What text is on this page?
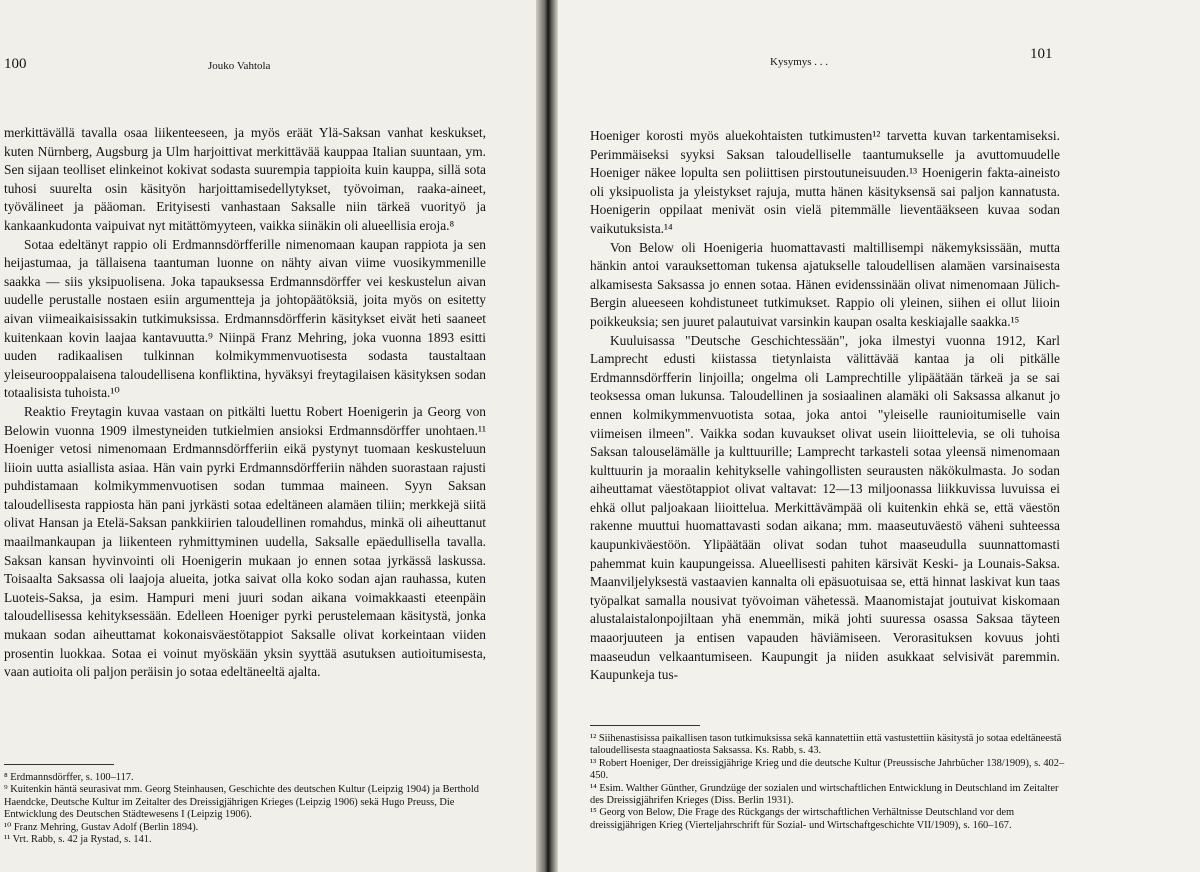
100	Jouko Vahtola

merkittävällä tavalla osaa liikenteeseen, ja myös eräät Ylä-Saksan vanhat keskukset, kuten Nürnberg, Augsburg ja Ulm harjoittivat merkittävää kauppaa Italian suuntaan, ym. Sen sijaan teolliset elinkeinot kokivat sodasta suurempia tappioita kuin kauppa, sillä sota tuhosi suurelta osin käsityön harjoittamisedellytykset, työvoiman, raaka-aineet, työvälineet ja pääoman. Erityisesti vanhastaan Saksalle niin tärkeä vuorityö ja kankaankudonta vaipuivat nyt mitättömyyteen, vaikka siinäkin oli alueellisia eroja.⁸

Sotaa edeltänyt rappio oli Erdmannsdörfferille nimenomaan kaupan rappiota ja sen heijastumaa, ja tällaisena taantuman luonne on nähty aivan viime vuosikymmenille saakka — siis yksipuolisena. Joka tapauksessa Erdmannsdörffer vei keskustelun aivan uudelle perustalle nostaen esiin argumentteja ja johtopäätöksiä, joita myös on esitetty aivan viimeaikaisissakin tutkimuksissa. Erdmannsdörfferin käsitykset eivät heti saaneet kuitenkaan kovin laajaa kantavuutta.⁹ Niinpä Franz Mehring, joka vuonna 1893 esitti uuden radikaalisen tulkinnan kolmikymmenvuotisesta sodasta taustaltaan yleiseurooppalaisena taloudellisena konfliktina, hyväksyi freytagilaisen käsityksen sodan totaalisista tuhoista.¹⁰

Reaktio Freytagin kuvaa vastaan on pitkälti luettu Robert Hoenigerin ja Georg von Belowin vuonna 1909 ilmestyneiden tutkielmien ansioksi Erdmannsdörffer unohtaen.¹¹ Hoeniger vetosi nimenomaan Erdmannsdörfferiin eikä pystynyt tuomaan keskusteluun liioin uutta asiallista asiaa. Hän vain pyrki Erdmannsdörfferiin nähden suorastaan rajusti puhdistamaan kolmikymmenvuotisen sodan tummaa maineen. Syyn Saksan taloudellisesta rappiosta hän pani jyrkästi sotaa edeltäneen alamäen tiliin; merkkejä siitä olivat Hansan ja Etelä-Saksan pankkiirien taloudellinen romahdus, minkä oli aiheuttanut maailmankaupan ja liikenteen ryhmittyminen uudella, Saksalle epäedullisella tavalla. Saksan kansan hyvinvointi oli Hoenigerin mukaan jo ennen sotaa jyrkässä laskussa. Toisaalta Saksassa oli laajoja alueita, jotka saivat olla koko sodan ajan rauhassa, kuten Luoteis-Saksa, ja esim. Hampuri meni juuri sodan aikana voimakkaasti eteenpäin taloudellisessa kehityksessään. Edelleen Hoeniger pyrki perustelemaan käsitystä, jonka mukaan sodan aiheuttamat kokonaisväestötappiot Saksalle olivat korkeintaan viiden prosentin luokkaa. Sotaa ei voinut myöskään yksin syyttää asutuksen autioitumisesta, vaan autioita oli paljon peräisin jo sotaa edeltäneeltä ajalta.

⁸ Erdmannsdörffer, s. 100–117.
⁹ Kuitenkin häntä seurasivat mm. Georg Steinhausen, Geschichte des deutschen Kultur (Leipzig 1904) ja Berthold Haendcke, Deutsche Kultur im Zeitalter des Dreissigjährigen Krieges (Leipzig 1906) sekä Hugo Preuss, Die Entwicklung des Deutschen Städtewesens I (Leipzig 1906).
¹⁰ Franz Mehring, Gustav Adolf (Berlin 1894).
¹¹ Vrt. Rabb, s. 42 ja Rystad, s. 141.
101
Kysymys . . .

Hoeniger korosti myös aluekohtaisten tutkimusten¹² tarvetta kuvan tarkentamiseksi. Perimmäiseksi syyksi Saksan taloudelliselle taantumukselle ja avuttomuudelle Hoeniger näkee lopulta sen poliittisen pirstoutuneisuuden.¹³ Hoenigerin fakta-aineisto oli yksipuolista ja yleistykset rajuja, mutta hänen käsityksensä sai paljon kannatusta. Hoenigerin oppilaat menivät osin vielä pitemmälle lieventääkseen kuvaa sodan vaikutuksista.¹⁴

Von Below oli Hoenigeria huomattavasti maltillisempi näkemyksissään, mutta hänkin antoi varauksettoman tukensa ajatukselle taloudellisen alamäen varsinaisesta alkamisesta Saksassa jo ennen sotaa. Hänen evidenssinään olivat nimenomaan Jülich-Bergin alueeseen kohdistuneet tutkimukset. Rappio oli yleinen, siihen ei ollut liioin poikkeuksia; sen juuret palautuivat varsinkin kaupan osalta keskiajalle saakka.¹⁵

Kuuluisassa "Deutsche Geschichtessään", joka ilmestyi vuonna 1912, Karl Lamprecht edusti kiistassa tietynlaista välittävää kantaa ja oli pitkälle Erdmannsdörfferin linjoilla; ongelma oli Lamprechtille ylipäätään tärkeä ja se sai teoksessa oman lukunsa. Taloudellinen ja sosiaalinen alamäki oli Saksassa alkanut jo ennen kolmikymmenvuotista sotaa, joka antoi "yleiselle raunioitumiselle vain viimeisen ilmeen". Vaikka sodan kuvaukset olivat usein liioittelevia, se oli tuhoisa Saksan talouselämälle ja kulttuurille; Lamprecht tarkasteli sotaa yleensä nimenomaan kulttuurin ja moraalin kehitykselle vahingollisten seurausten näkökulmasta. Jo sodan aiheuttamat väestötappiot olivat valtavat: 12—13 miljoonassa liikkuvissa luvuissa ei ehkä ollut paljoakaan liioittelua. Merkittävämpää oli kuitenkin ehkä se, että väestön rakenne muuttui huomattavasti sodan aikana; mm. maaseutuväestö väheni suhteessa kaupunkiväestöön. Ylipäätään olivat sodan tuhot maaseudulla suunnattomasti pahemmat kuin kaupungeissa. Alueellisesti pahiten kärsivät Keski- ja Lounais-Saksa. Maanviljelyksestä vastaavien kannalta oli epäsuotuisaa se, että hinnat laskivat kun taas työpalkat samalla nousivat työvoiman vähetessä. Maanomistajat joutuivat kiskomaan alustalaistalonpojiltaan yhä enemmän, mikä johti suuressa osassa Saksaa täyteen maaorjuuteen ja entisen vapauden häviämiseen. Verorasituksen kovuus johti maaseudun velkaantumiseen. Kaupungit ja niiden asukkaat selvisivät paremmin. Kaupunkeja tus-

¹² Siihenastisissa paikallisen tason tutkimuksissa sekä kannatettiin että vastustettiin käsitystä jo sotaa edeltäneestä taloudellisesta staagnaatiosta Saksassa. Ks. Rabb, s. 43.
¹³ Robert Hoeniger, Der dreissigjährige Krieg und die deutsche Kultur (Preussische Jahrbücher 138/1909), s. 402–450.
¹⁴ Esim. Walther Günther, Grundzüge der sozialen und wirtschaftlichen Entwicklung in Deutschland im Zeitalter des Dreissigjährifen Krieges (Diss. Berlin 1931).
¹⁵ Georg von Below, Die Frage des Rückgangs der wirtschaftlichen Verhältnisse Deutschland vor dem dreissigjährigen Krieg (Vierteljahrschrift für Sozial- und Wirtschaftgeschichte VII/1909), s. 160–167.
